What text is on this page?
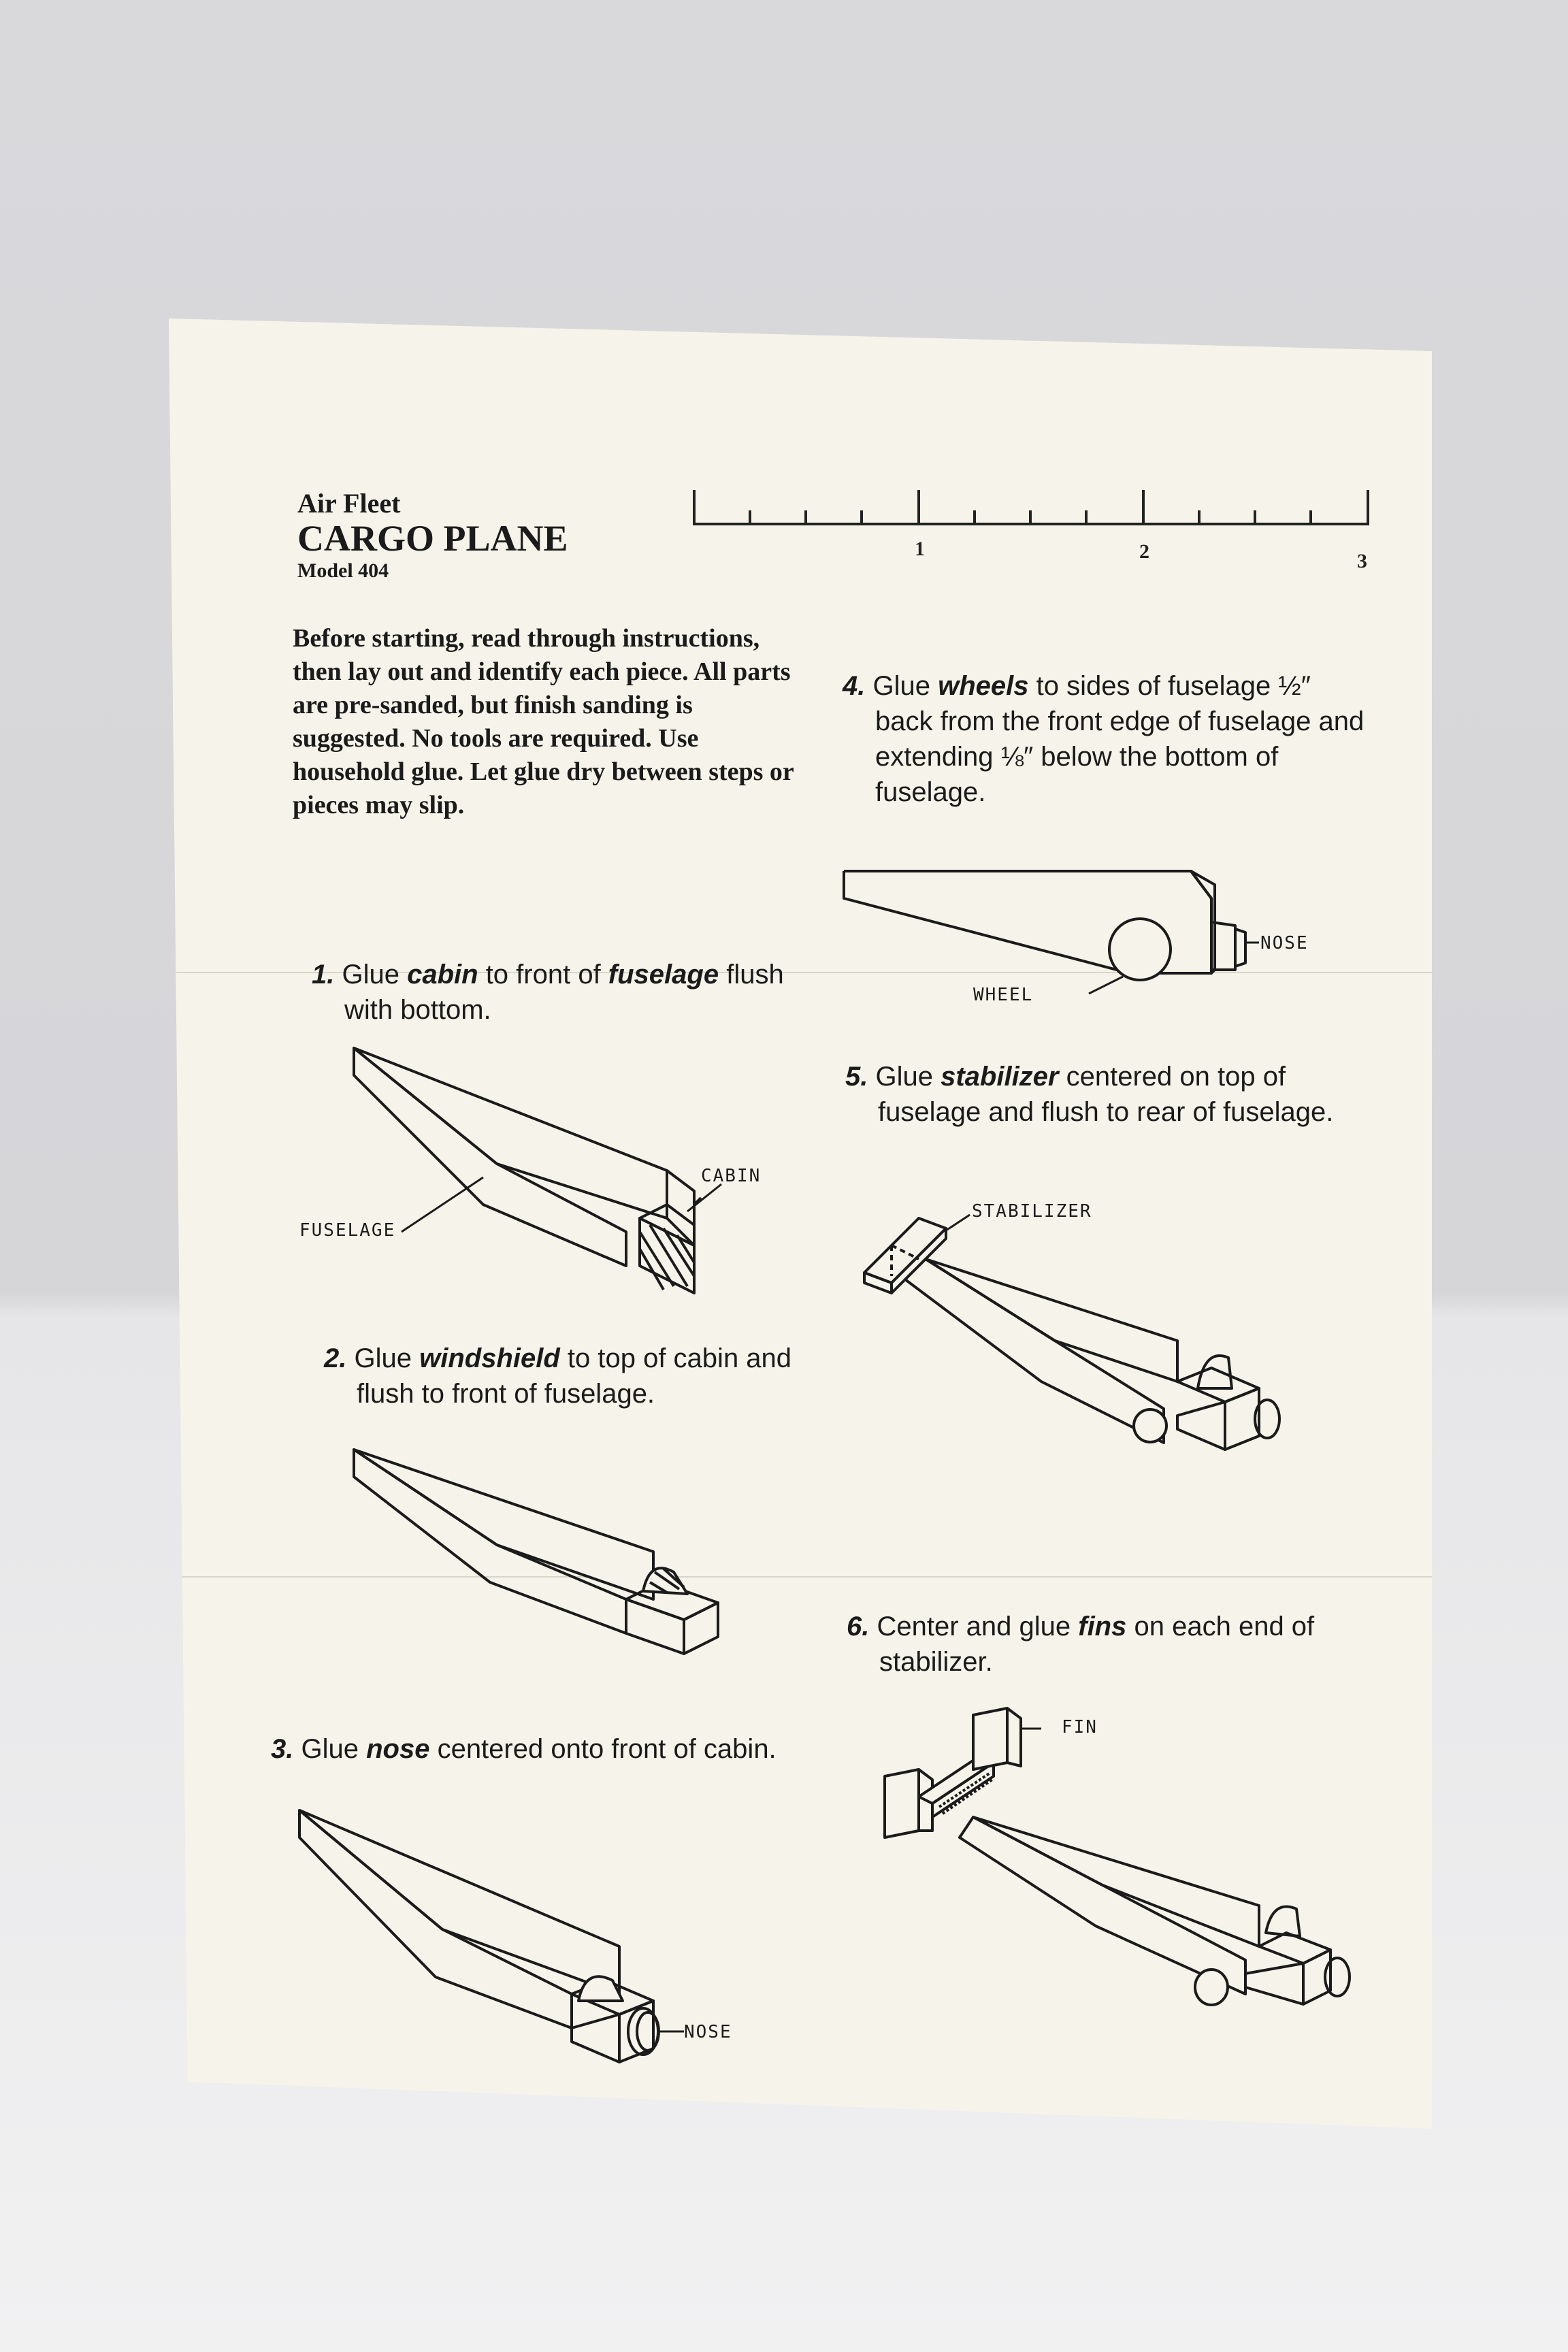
Air Fleet
CARGO PLANE
Model 404
1	2	3
Before starting, read through instructions, then lay out and identify each piece. All parts are pre-sanded, but finish sanding is suggested. No tools are required. Use household glue. Let glue dry between steps or pieces may slip.
1. Glue cabin to front of fuselage flush with bottom.
2. Glue windshield to top of cabin and flush to front of fuselage.
3. Glue nose centered onto front of cabin.
4. Glue wheels to sides of fuselage ½″ back from the front edge of fuselage and extending ⅛″ below the bottom of fuselage.
5. Glue stabilizer centered on top of fuselage and flush to rear of fuselage.
6. Center and glue fins on each end of stabilizer.
CABIN
FUSELAGE
NOSE
NOSE
WHEEL
STABILIZER
FIN
